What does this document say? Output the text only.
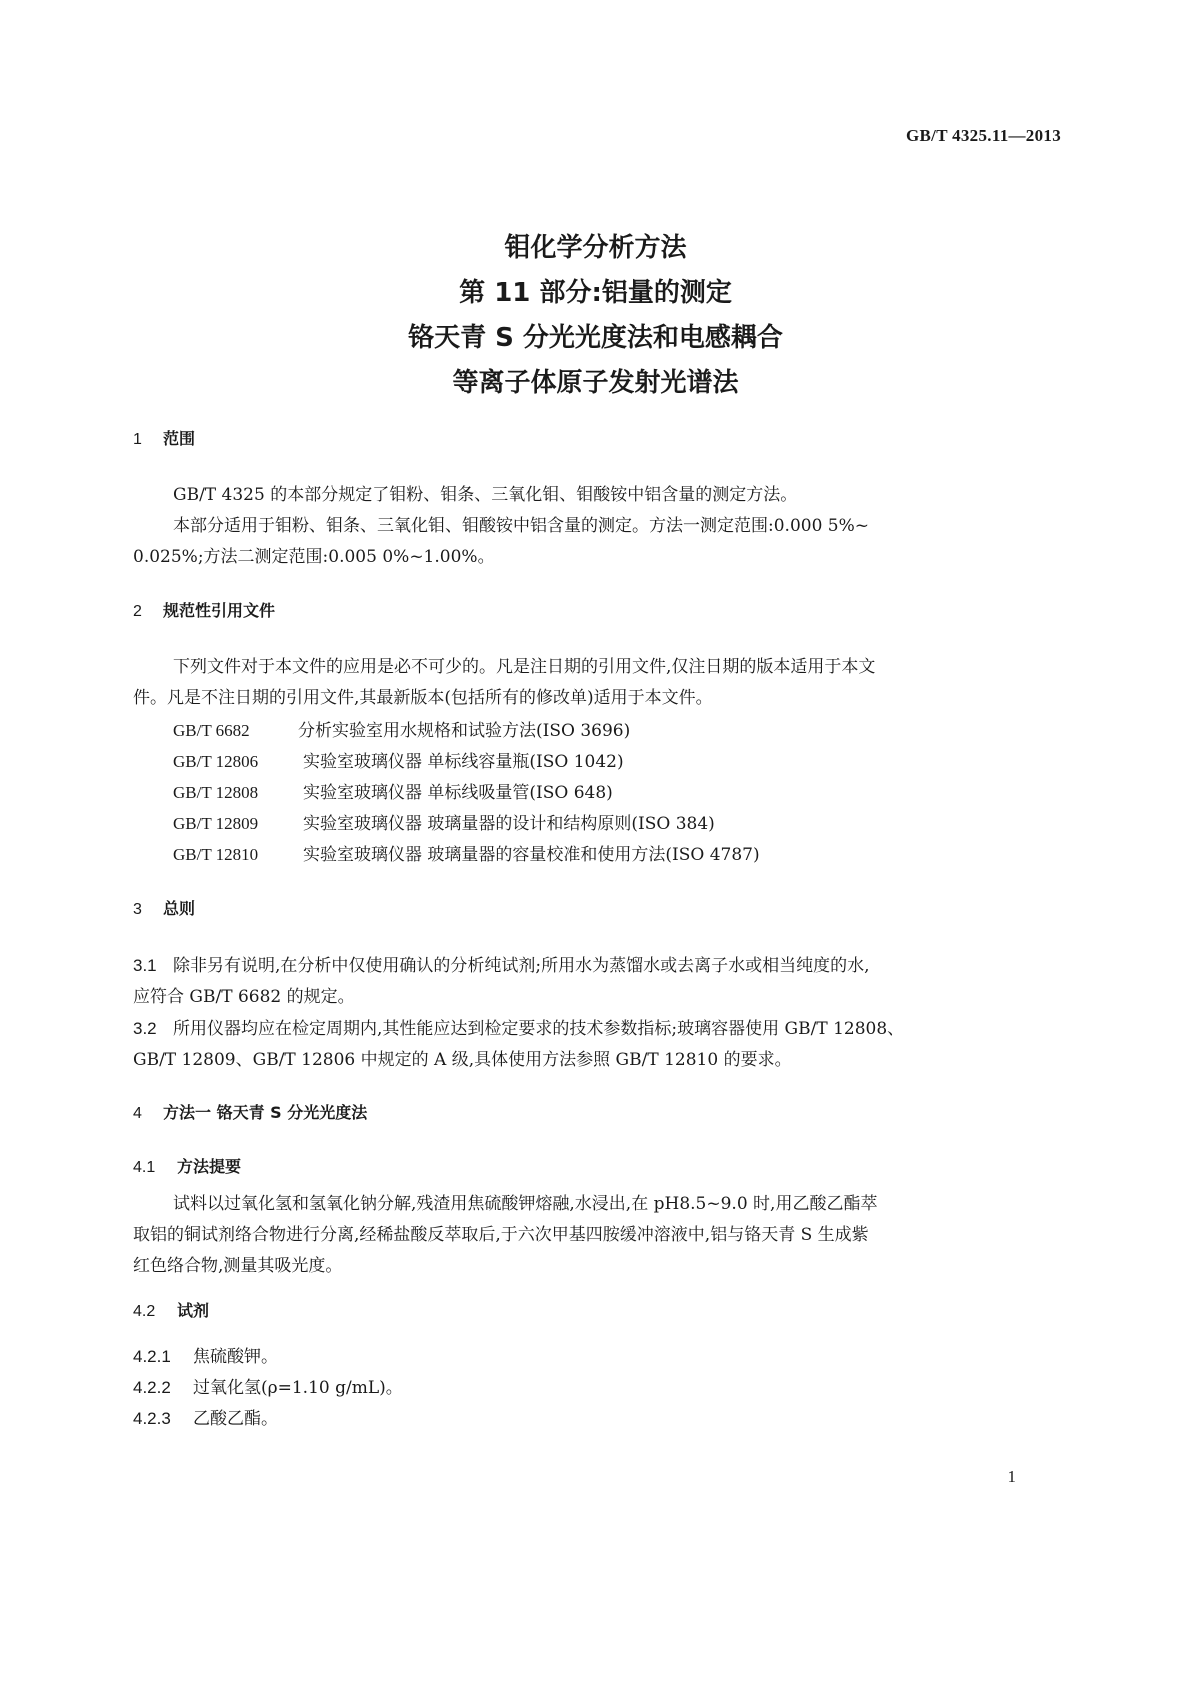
GB/T 4325.11—2013
钼化学分析方法
第 11 部分:铝量的测定
铬天青 S 分光光度法和电感耦合
等离子体原子发射光谱法
1 范围
GB/T 4325 的本部分规定了钼粉、钼条、三氧化钼、钼酸铵中铝含量的测定方法。
本部分适用于钼粉、钼条、三氧化钼、钼酸铵中铝含量的测定。方法一测定范围:0.000 5%~
0.025%;方法二测定范围:0.005 0%~1.00%。
2 规范性引用文件
下列文件对于本文件的应用是必不可少的。凡是注日期的引用文件,仅注日期的版本适用于本文
件。凡是不注日期的引用文件,其最新版本(包括所有的修改单)适用于本文件。
GB/T 6682	分析实验室用水规格和试验方法(ISO 3696)
GB/T 12806	实验室玻璃仪器 单标线容量瓶(ISO 1042)
GB/T 12808	实验室玻璃仪器 单标线吸量管(ISO 648)
GB/T 12809	实验室玻璃仪器 玻璃量器的设计和结构原则(ISO 384)
GB/T 12810	实验室玻璃仪器 玻璃量器的容量校准和使用方法(ISO 4787)
3 总则
3.1 除非另有说明,在分析中仅使用确认的分析纯试剂;所用水为蒸馏水或去离子水或相当纯度的水,
应符合 GB/T 6682 的规定。
3.2 所用仪器均应在检定周期内,其性能应达到检定要求的技术参数指标;玻璃容器使用 GB/T 12808、
GB/T 12809、GB/T 12806 中规定的 A 级,具体使用方法参照 GB/T 12810 的要求。
4 方法一 铬天青 S 分光光度法
4.1 方法提要
试料以过氧化氢和氢氧化钠分解,残渣用焦硫酸钾熔融,水浸出,在 pH8.5~9.0 时,用乙酸乙酯萃
取铝的铜试剂络合物进行分离,经稀盐酸反萃取后,于六次甲基四胺缓冲溶液中,铝与铬天青 S 生成紫
红色络合物,测量其吸光度。
4.2 试剂
4.2.1 焦硫酸钾。
4.2.2 过氧化氢(ρ=1.10 g/mL)。
4.2.3 乙酸乙酯。
1
